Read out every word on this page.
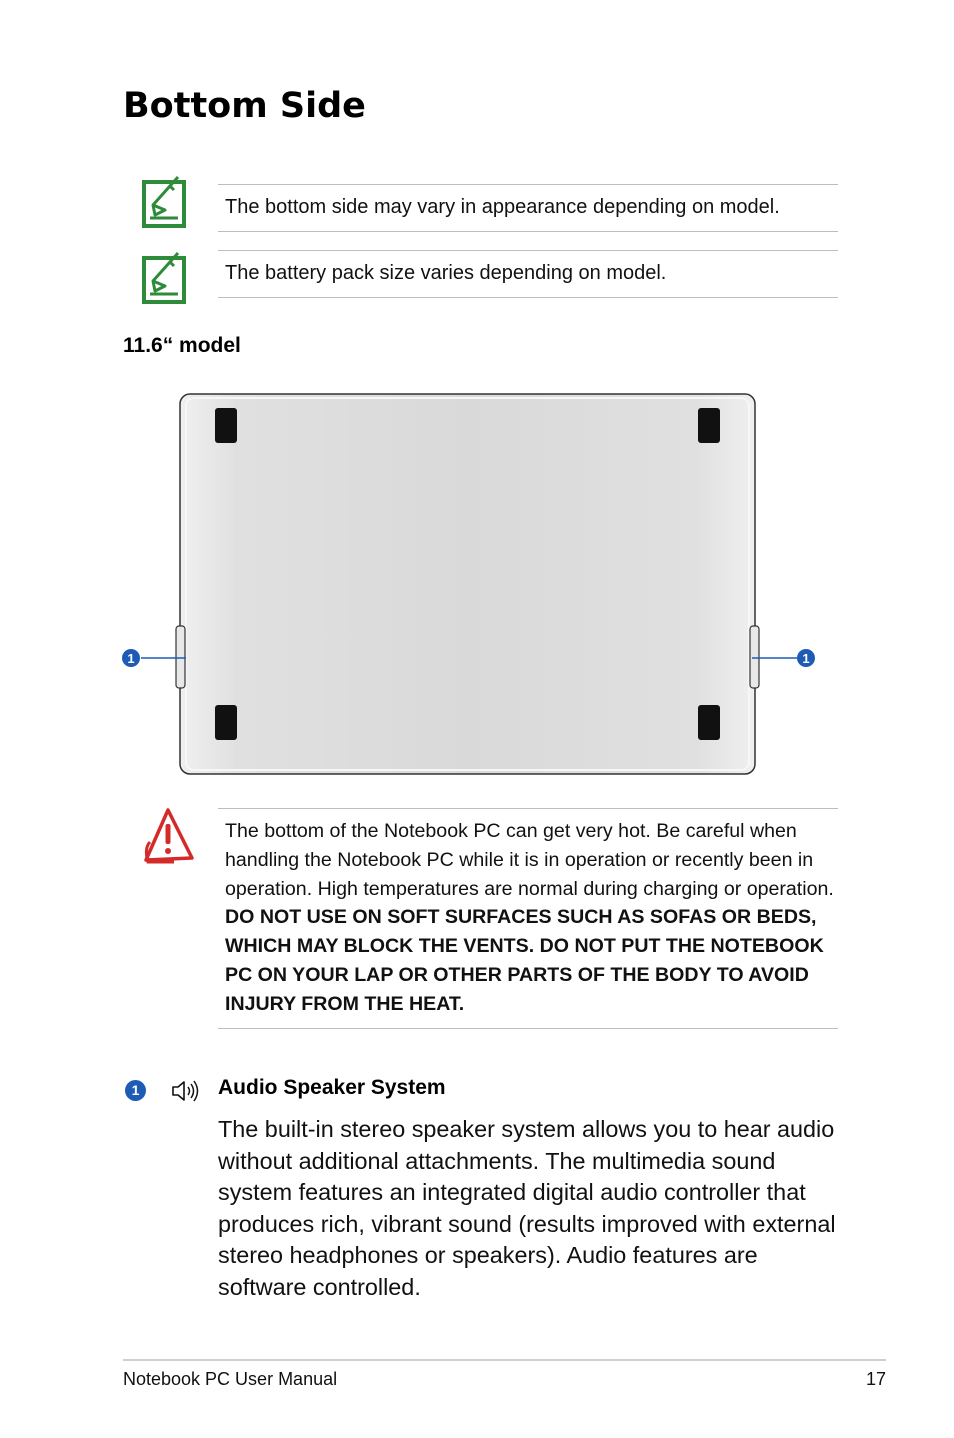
Bottom Side
The bottom side may vary in appearance depending on model.
The battery pack size varies depending on model.
11.6“ model
1	1
The bottom of the Notebook PC can get very hot. Be careful when handling the Notebook PC while it is in operation or recently been in operation. High temperatures are normal during charging or operation. DO NOT USE ON SOFT SURFACES SUCH AS SOFAS OR BEDS, WHICH MAY BLOCK THE VENTS. DO NOT PUT THE NOTEBOOK PC ON YOUR LAP OR OTHER PARTS OF THE BODY TO AVOID INJURY FROM THE HEAT.
1	Audio Speaker System
The built-in stereo speaker system allows you to hear audio without additional attachments. The multimedia sound system features an integrated digital audio controller that produces rich, vibrant sound (results improved with external stereo headphones or speakers). Audio features are software controlled.
Notebook PC User Manual	17
